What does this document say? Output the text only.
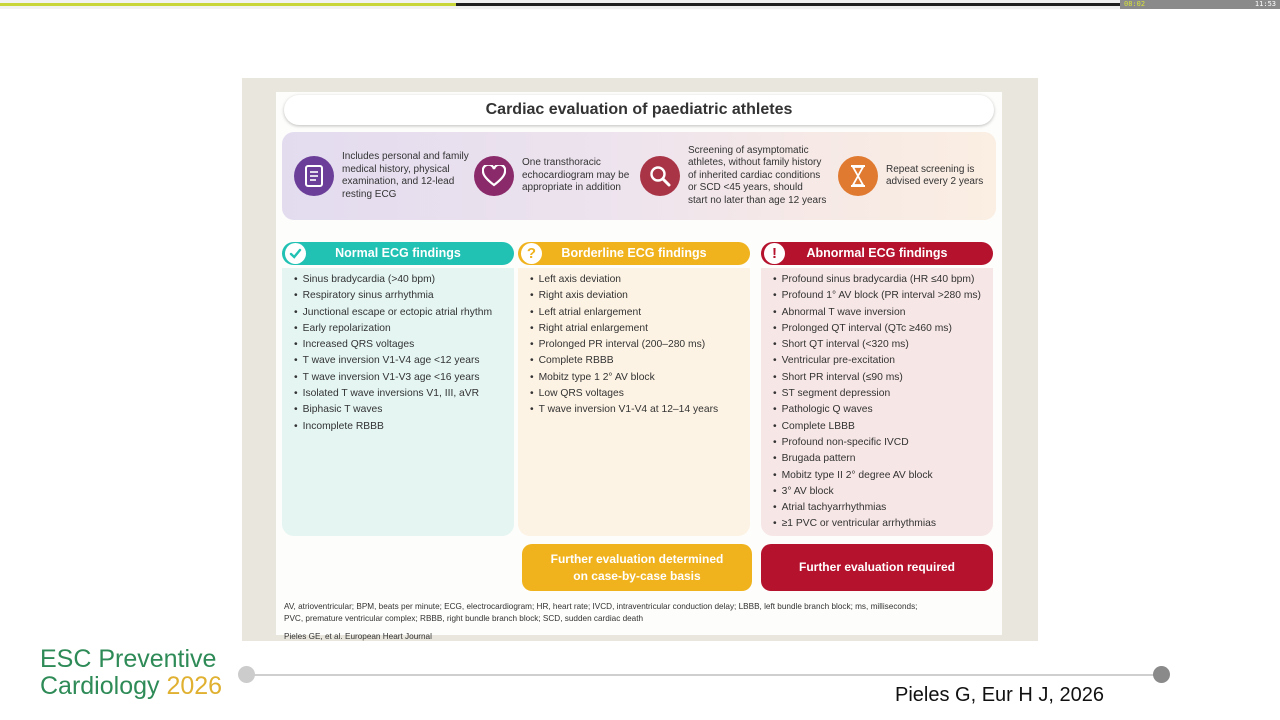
08:02	11:53
Cardiac evaluation of paediatric athletes
Includes personal and family
medical history, physical
examination, and 12-lead
resting ECG
One transthoracic
echocardiogram may be
appropriate in addition
Screening of asymptomatic
athletes, without family history
of inherited cardiac conditions
or SCD <45 years, should
start no later than age 12 years
Repeat screening is
advised every 2 years
Normal ECG findings
• Sinus bradycardia (>40 bpm)
• Respiratory sinus arrhythmia
• Junctional escape or ectopic atrial rhythm
• Early repolarization
• Increased QRS voltages
• T wave inversion V1-V4 age <12 years
• T wave inversion V1-V3 age <16 years
• Isolated T wave inversions V1, III, aVR
• Biphasic T waves
• Incomplete RBBB
? Borderline ECG findings
• Left axis deviation
• Right axis deviation
• Left atrial enlargement
• Right atrial enlargement
• Prolonged PR interval (200–280 ms)
• Complete RBBB
• Mobitz type 1 2° AV block
• Low QRS voltages
• T wave inversion V1-V4 at 12–14 years
! Abnormal ECG findings
• Profound sinus bradycardia (HR ≤40 bpm)
• Profound 1° AV block (PR interval >280 ms)
• Abnormal T wave inversion
• Prolonged QT interval (QTc ≥460 ms)
• Short QT interval (<320 ms)
• Ventricular pre-excitation
• Short PR interval (≤90 ms)
• ST segment depression
• Pathologic Q waves
• Complete LBBB
• Profound non-specific IVCD
• Brugada pattern
• Mobitz type II 2° degree AV block
• 3° AV block
• Atrial tachyarrhythmias
• ≥1 PVC or ventricular arrhythmias
Further evaluation determined
on case-by-case basis
Further evaluation required
AV, atrioventricular; BPM, beats per minute; ECG, electrocardiogram; HR, heart rate; IVCD, intraventricular conduction delay; LBBB, left bundle branch block; ms, milliseconds;
PVC, premature ventricular complex; RBBB, right bundle branch block; SCD, sudden cardiac death
Pieles GE, et al. European Heart Journal
ESC Preventive
Cardiology 2026	Pieles G, Eur H J, 2026
